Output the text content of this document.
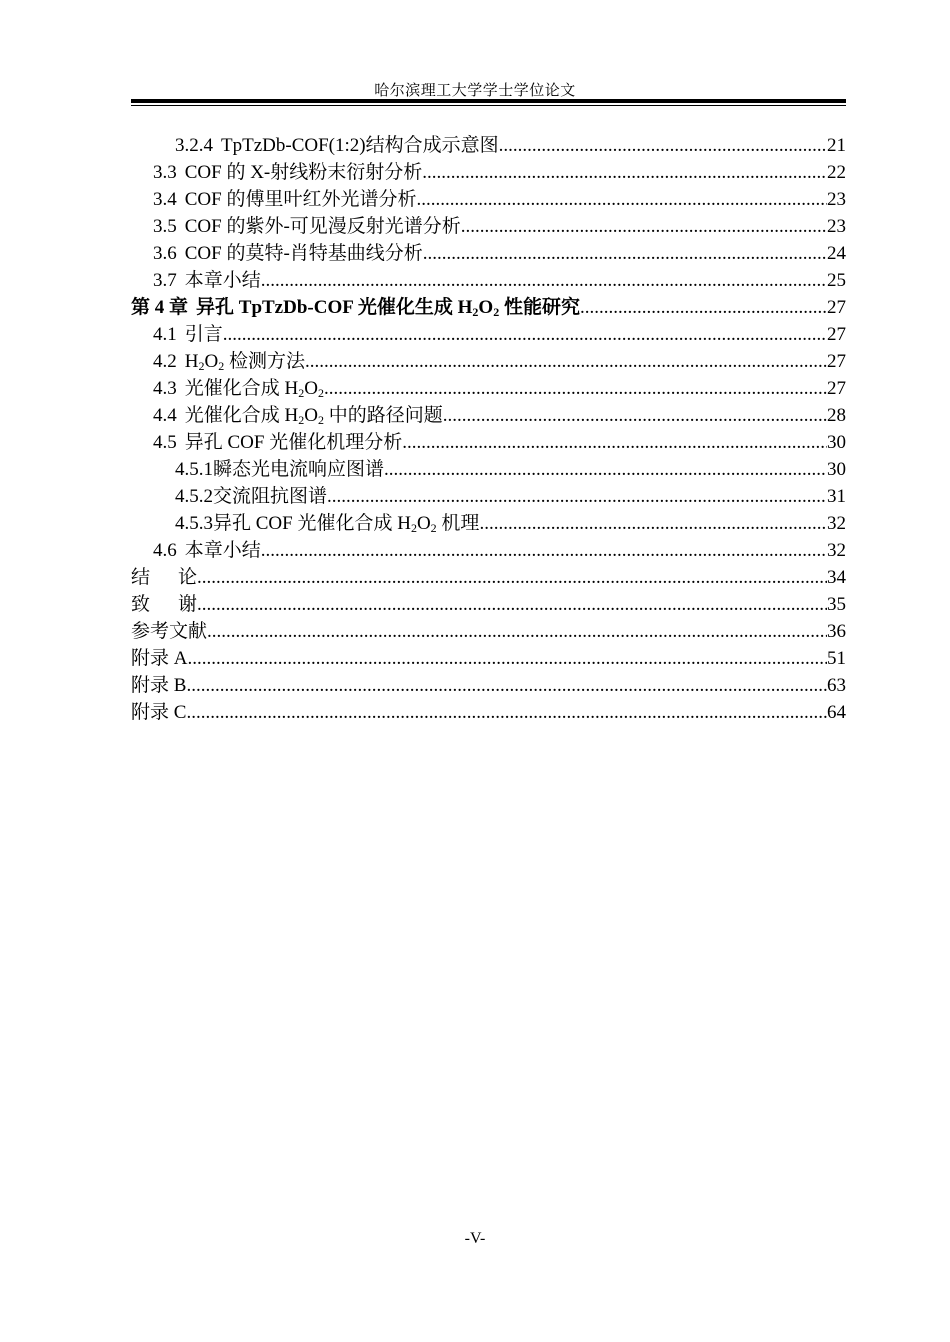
哈尔滨理工大学学士学位论文
3.2.4 TpTzDb-COF(1:2)结构合成示意图 .....	21
3.3 COF 的 X-射线粉末衍射分析 .....	22
3.4 COF 的傅里叶红外光谱分析 .....	23
3.5 COF 的紫外-可见漫反射光谱分析 .....	23
3.6 COF 的莫特-肖特基曲线分析 .....	24
3.7 本章小结 .....	25
第 4 章 异孔 TpTzDb-COF 光催化生成 $H_2O_2$ 性能研究 .....	27
4.1 引言 .....	27
4.2 $H_2O_2$ 检测方法 .....	27
4.3 光催化合成 $H_2O_2$ .....	27
4.4 光催化合成 $H_2O_2$ 中的路径问题 .....	28
4.5 异孔 COF 光催化机理分析 .....	30
4.5.1瞬态光电流响应图谱 .....	30
4.5.2交流阻抗图谱 .....	31
4.5.3异孔 COF 光催化合成 $H_2O_2$ 机理 .....	32
4.6 本章小结 .....	32
结 论 .....	34
致 谢 .....	35
参考文献 .....	36
附录 A .....	51
附录 B .....	63
附录 C .....	64
-V-
